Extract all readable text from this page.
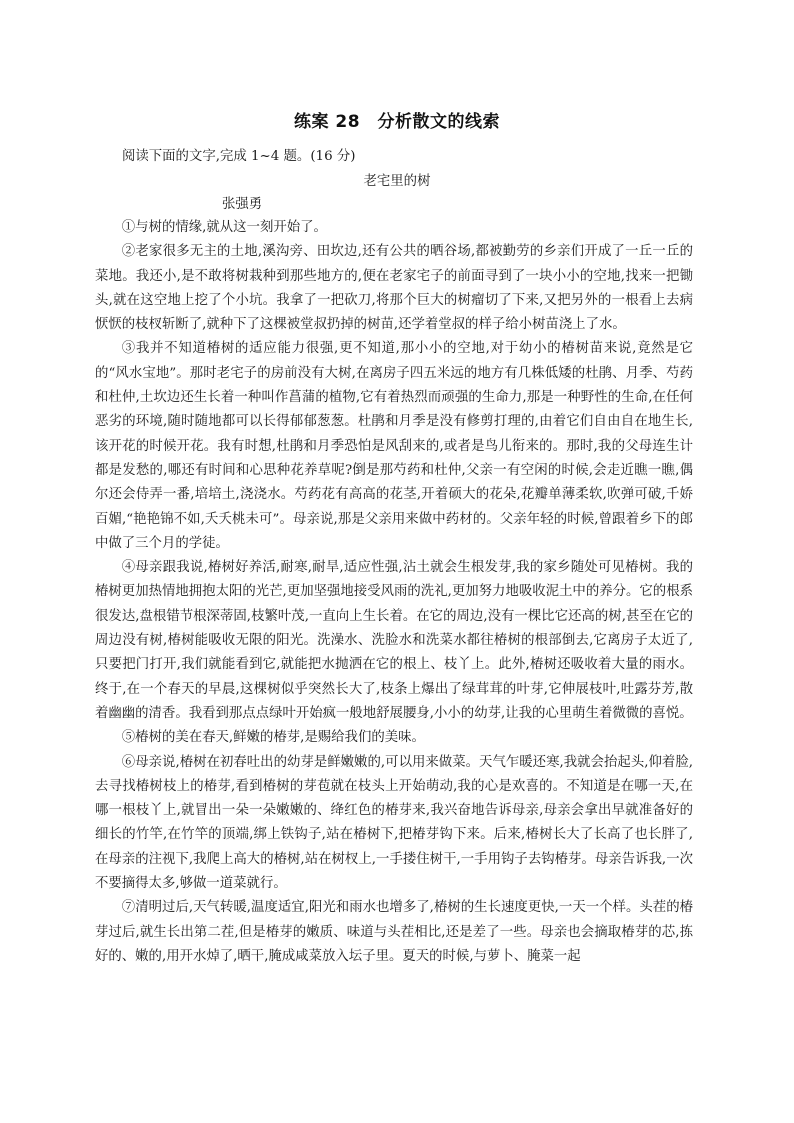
练案 28　分析散文的线索
阅读下面的文字,完成 1~4 题。(16 分)
老宅里的树
张强勇

①与树的情缘,就从这一刻开始了。

②老家很多无主的土地,溪沟旁、田坎边,还有公共的晒谷场,都被勤劳的乡亲们开成了一丘一丘的菜地。我还小,是不敢将树栽种到那些地方的,便在老家宅子的前面寻到了一块小小的空地,找来一把锄头,就在这空地上挖了个小坑。我拿了一把砍刀,将那个巨大的树瘤切了下来,又把另外的一根看上去病恹恹的枝杈斩断了,就种下了这棵被堂叔扔掉的树苗,还学着堂叔的样子给小树苗浇上了水。

③我并不知道椿树的适应能力很强,更不知道,那小小的空地,对于幼小的椿树苗来说,竟然是它的“风水宝地”。那时老宅子的房前没有大树,在离房子四五米远的地方有几株低矮的杜鹃、月季、芍药和杜仲,土坎边还生长着一种叫作菖蒲的植物,它有着热烈而顽强的生命力,那是一种野性的生命,在任何恶劣的环境,随时随地都可以长得郁郁葱葱。杜鹃和月季是没有修剪打理的,由着它们自由自在地生长,该开花的时候开花。我有时想,杜鹃和月季恐怕是风刮来的,或者是鸟儿衔来的。那时,我的父母连生计都是发愁的,哪还有时间和心思种花养草呢?倒是那芍药和杜仲,父亲一有空闲的时候,会走近瞧一瞧,偶尔还会侍弄一番,培培土,浇浇水。芍药花有高高的花茎,开着硕大的花朵,花瓣单薄柔软,吹弹可破,千娇百媚,“艳艳锦不如,夭夭桃未可”。母亲说,那是父亲用来做中药材的。父亲年轻的时候,曾跟着乡下的郎中做了三个月的学徒。

④母亲跟我说,椿树好养活,耐寒,耐旱,适应性强,沾土就会生根发芽,我的家乡随处可见椿树。我的椿树更加热情地拥抱太阳的光芒,更加坚强地接受风雨的洗礼,更加努力地吸收泥土中的养分。它的根系很发达,盘根错节根深蒂固,枝繁叶茂,一直向上生长着。在它的周边,没有一棵比它还高的树,甚至在它的周边没有树,椿树能吸收无限的阳光。洗澡水、洗脸水和洗菜水都往椿树的根部倒去,它离房子太近了,只要把门打开,我们就能看到它,就能把水抛洒在它的根上、枝丫上。此外,椿树还吸收着大量的雨水。终于,在一个春天的早晨,这棵树似乎突然长大了,枝条上爆出了绿茸茸的叶芽,它伸展枝叶,吐露芬芳,散着幽幽的清香。我看到那点点绿叶开始疯一般地舒展腰身,小小的幼芽,让我的心里萌生着微微的喜悦。

⑤椿树的美在春天,鲜嫩的椿芽,是赐给我们的美味。

⑥母亲说,椿树在初春吐出的幼芽是鲜嫩嫩的,可以用来做菜。天气乍暖还寒,我就会抬起头,仰着脸,去寻找椿树枝上的椿芽,看到椿树的芽苞就在枝头上开始萌动,我的心是欢喜的。不知道是在哪一天,在哪一根枝丫上,就冒出一朵一朵嫩嫩的、绛红色的椿芽来,我兴奋地告诉母亲,母亲会拿出早就准备好的细长的竹竿,在竹竿的顶端,绑上铁钩子,站在椿树下,把椿芽钩下来。后来,椿树长大了长高了也长胖了,在母亲的注视下,我爬上高大的椿树,站在树杈上,一手搂住树干,一手用钩子去钩椿芽。母亲告诉我,一次不要摘得太多,够做一道菜就行。

⑦清明过后,天气转暖,温度适宜,阳光和雨水也增多了,椿树的生长速度更快,一天一个样。头茬的椿芽过后,就生长出第二茬,但是椿芽的嫩质、味道与头茬相比,还是差了一些。母亲也会摘取椿芽的芯,拣好的、嫩的,用开水焯了,晒干,腌成咸菜放入坛子里。夏天的时候,与萝卜、腌菜一起
